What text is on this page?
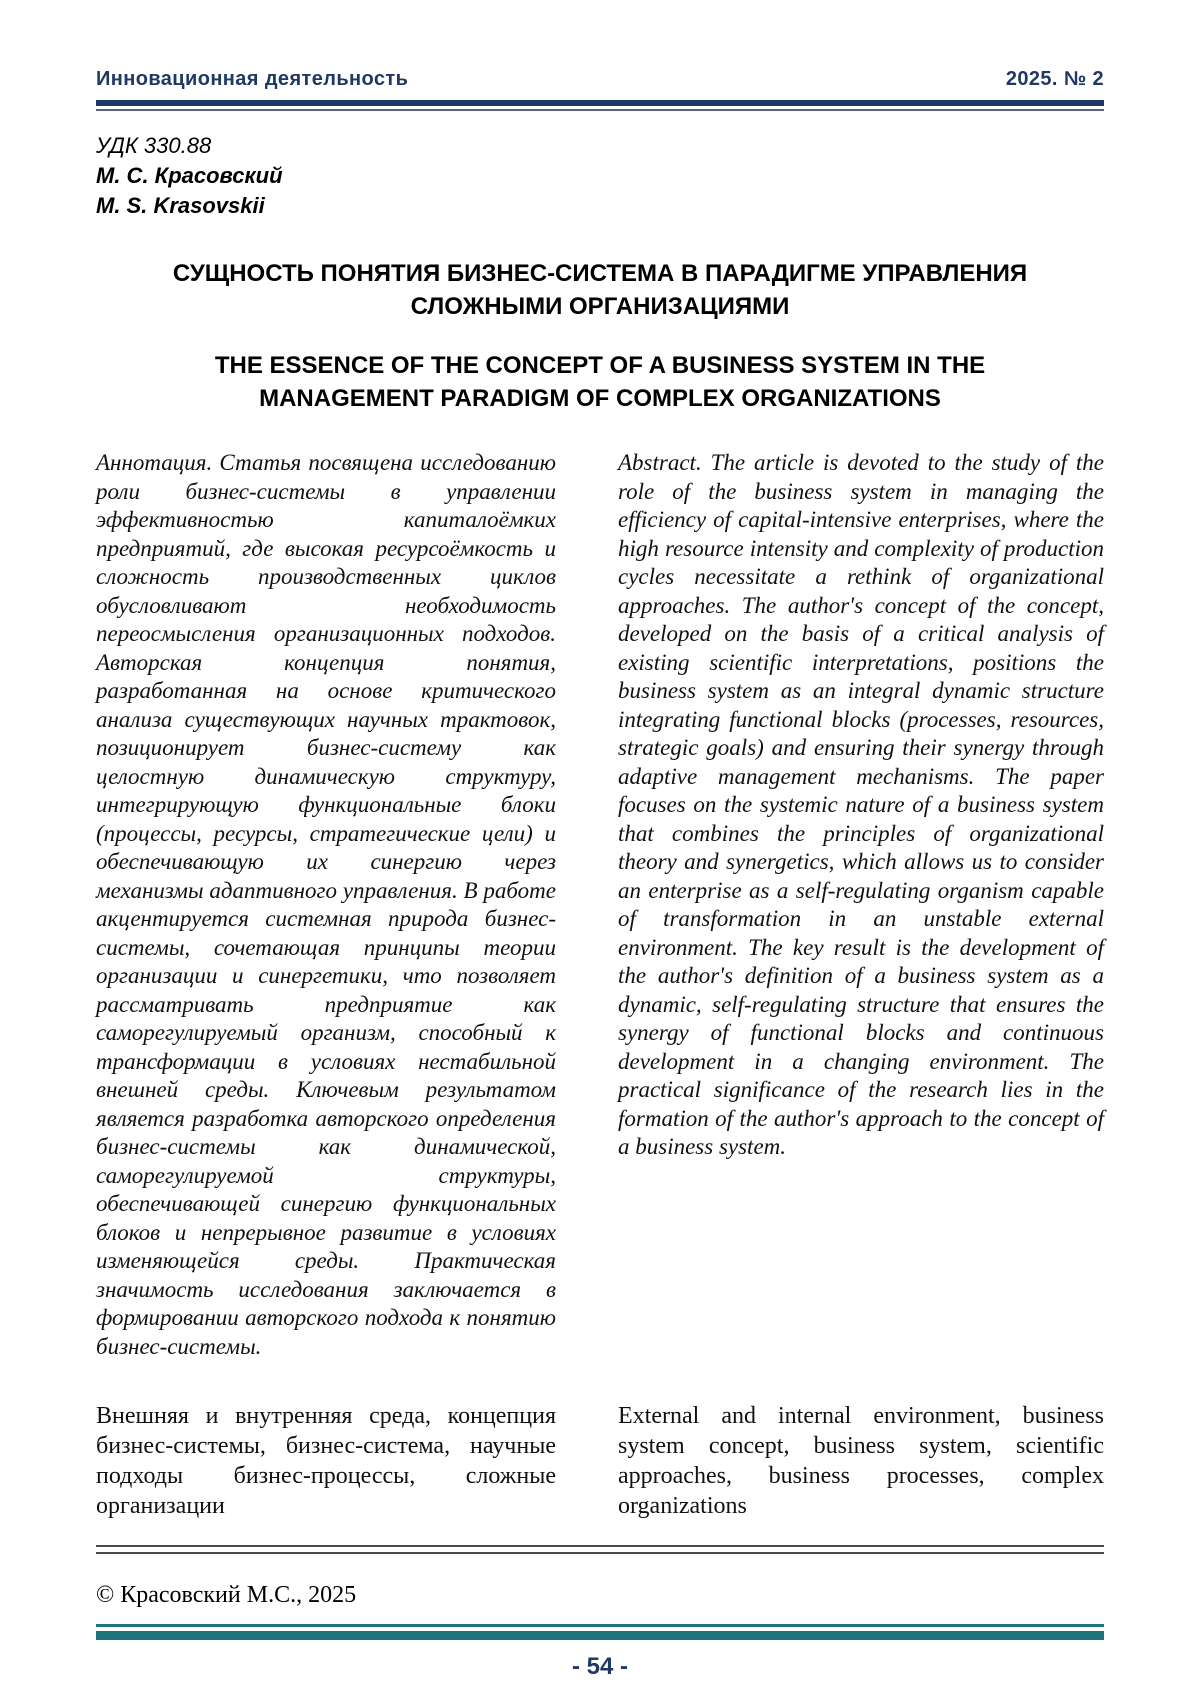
Инновационная деятельность	2025. № 2
УДК 330.88
М. С. Красовский
M. S. Krasovskii
СУЩНОСТЬ ПОНЯТИЯ БИЗНЕС-СИСТЕМА В ПАРАДИГМЕ УПРАВЛЕНИЯ СЛОЖНЫМИ ОРГАНИЗАЦИЯМИ
THE ESSENCE OF THE CONCEPT OF A BUSINESS SYSTEM IN THE MANAGEMENT PARADIGM OF COMPLEX ORGANIZATIONS
Аннотация. Статья посвящена исследованию роли бизнес-системы в управлении эффективностью капиталоёмких предприятий, где высокая ресурсоёмкость и сложность производственных циклов обусловливают необходимость переосмысления организационных подходов. Авторская концепция понятия, разработанная на основе критического анализа существующих научных трактовок, позиционирует бизнес-систему как целостную динамическую структуру, интегрирующую функциональные блоки (процессы, ресурсы, стратегические цели) и обеспечивающую их синергию через механизмы адаптивного управления. В работе акцентируется системная природа бизнес-системы, сочетающая принципы теории организации и синергетики, что позволяет рассматривать предприятие как саморегулируемый организм, способный к трансформации в условиях нестабильной внешней среды. Ключевым результатом является разработка авторского определения бизнес-системы как динамической, саморегулируемой структуры, обеспечивающей синергию функциональных блоков и непрерывное развитие в условиях изменяющейся среды. Практическая значимость исследования заключается в формировании авторского подхода к понятию бизнес-системы.
Abstract. The article is devoted to the study of the role of the business system in managing the efficiency of capital-intensive enterprises, where the high resource intensity and complexity of production cycles necessitate a rethink of organizational approaches. The author's concept of the concept, developed on the basis of a critical analysis of existing scientific interpretations, positions the business system as an integral dynamic structure integrating functional blocks (processes, resources, strategic goals) and ensuring their synergy through adaptive management mechanisms. The paper focuses on the systemic nature of a business system that combines the principles of organizational theory and synergetics, which allows us to consider an enterprise as a self-regulating organism capable of transformation in an unstable external environment. The key result is the development of the author's definition of a business system as a dynamic, self-regulating structure that ensures the synergy of functional blocks and continuous development in a changing environment. The practical significance of the research lies in the formation of the author's approach to the concept of a business system.
Внешняя и внутренняя среда, концепция бизнес-системы, бизнес-система, научные подходы бизнес-процессы, сложные организации
External and internal environment, business system concept, business system, scientific approaches, business processes, complex organizations
© Красовский М.С., 2025
- 54 -
